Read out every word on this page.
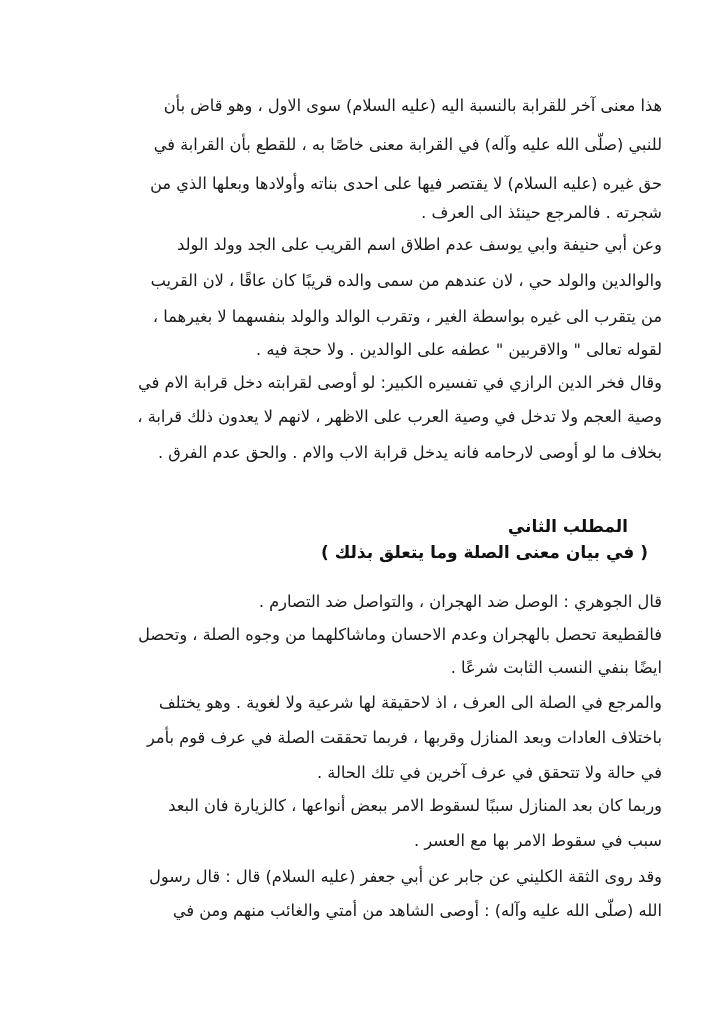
هذا معنى آخر للقرابة بالنسبة اليه (عليه السلام) سوى الاول ، وهو قاض بأن
للنبي (صلّى الله عليه وآله) في القرابة معنى خاصًا به ، للقطع بأن القرابة في
حق غيره (عليه السلام) لا يقتصر فيها على احدى بناته وأولادها وبعلها الذي من
شجرته . فالمرجع حينئذ الى العرف .
وعن أبي حنيفة وابي يوسف عدم اطلاق اسم القريب على الجد وولد الولد
والوالدين والولد حي ، لان عندهم من سمى والده قريبًا كان عاقًا ، لان القريب
من يتقرب الى غيره بواسطة الغير ، وتقرب الوالد والولد بنفسهما لا بغيرهما ،
لقوله تعالى " والاقربين " عطفه على الوالدين . ولا حجة فيه .
وقال فخر الدين الرازي في تفسيره الكبير: لو أوصى لقرابته دخل قرابة الام في
وصية العجم ولا تدخل في وصية العرب على الاظهر ، لانهم لا يعدون ذلك قرابة ،
بخلاف ما لو أوصى لارحامه فانه يدخل قرابة الاب والام . والحق عدم الفرق .
المطلب الثاني
( في بيان معنى الصلة وما يتعلق بذلك )
قال الجوهري : الوصل ضد الهجران ، والتواصل ضد التصارم .
فالقطيعة تحصل بالهجران وعدم الاحسان وماشاكلهما من وجوه الصلة ، وتحصل
ايضًا بنفي النسب الثابت شرعًا .
والمرجع في الصلة الى العرف ، اذ لاحقيقة لها شرعية ولا لغوية . وهو يختلف
باختلاف العادات وبعد المنازل وقربها ، فربما تحققت الصلة في عرف قوم بأمر
في حالة ولا تتحقق في عرف آخرين في تلك الحالة .
وربما كان بعد المنازل سببًا لسقوط الامر ببعض أنواعها ، كالزيارة فان البعد
سبب في سقوط الامر بها مع العسر .
وقد روى الثقة الكليني عن جابر عن أبي جعفر (عليه السلام) قال : قال رسول
الله (صلّى الله عليه وآله) : أوصى الشاهد من أمتي والغائب منهم ومن في
